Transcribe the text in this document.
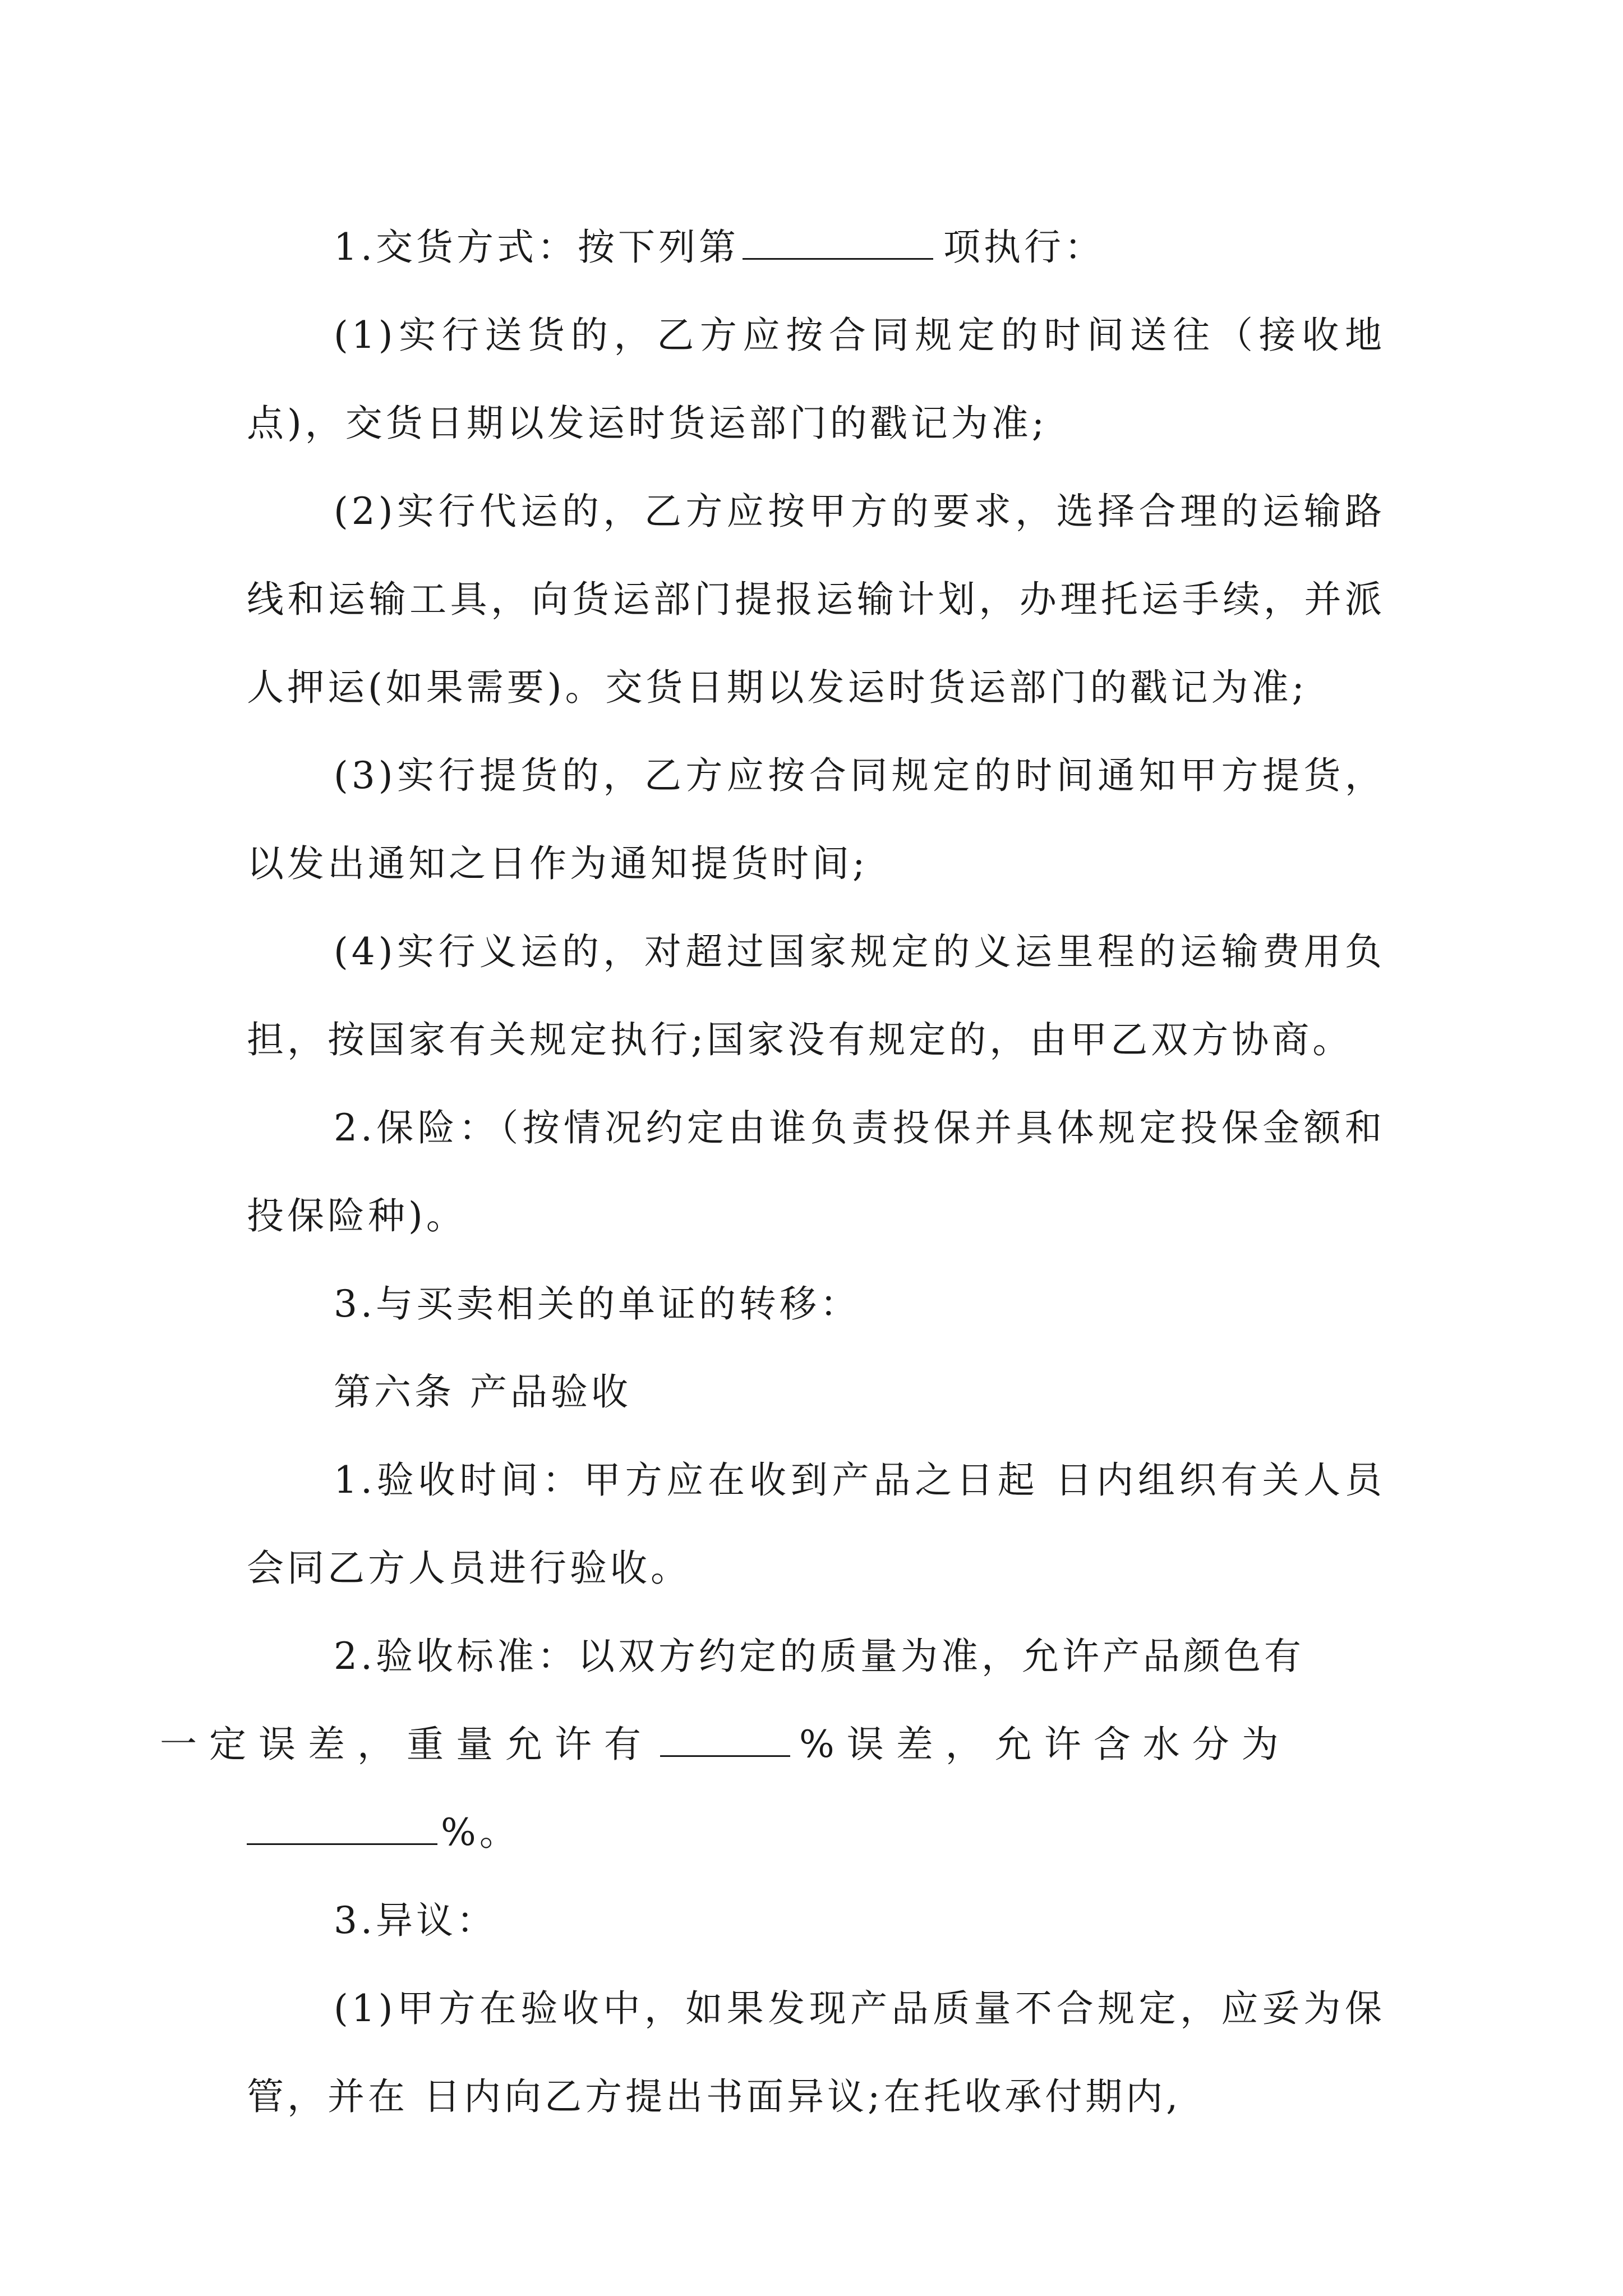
1.交货方式：按下列第	项执行：

(1)实行送货的，乙方应按合同规定的时间送往（接收地点)，交货日期以发运时货运部门的戳记为准;

(2)实行代运的，乙方应按甲方的要求，选择合理的运输路线和运输工具，向货运部门提报运输计划，办理托运手续，并派人押运(如果需要)。交货日期以发运时货运部门的戳记为准;

(3)实行提货的，乙方应按合同规定的时间通知甲方提货，以发出通知之日作为通知提货时间;

(4)实行义运的，对超过国家规定的义运里程的运输费用负担，按国家有关规定执行;国家没有规定的，由甲乙双方协商。

2.保险：（按情况约定由谁负责投保并具体规定投保金额和投保险种)。

3.与买卖相关的单证的转移：

第六条 产品验收

1.验收时间：甲方应在收到产品之日起 日内组织有关人员会同乙方人员进行验收。

2.验收标准：以双方约定的质量为准，允许产品颜色有
一定误差，重量允许有	%误差，允许含水分为
%。

3.异议：

(1)甲方在验收中，如果发现产品质量不合规定，应妥为保管，并在 日内向乙方提出书面异议;在托收承付期内,
